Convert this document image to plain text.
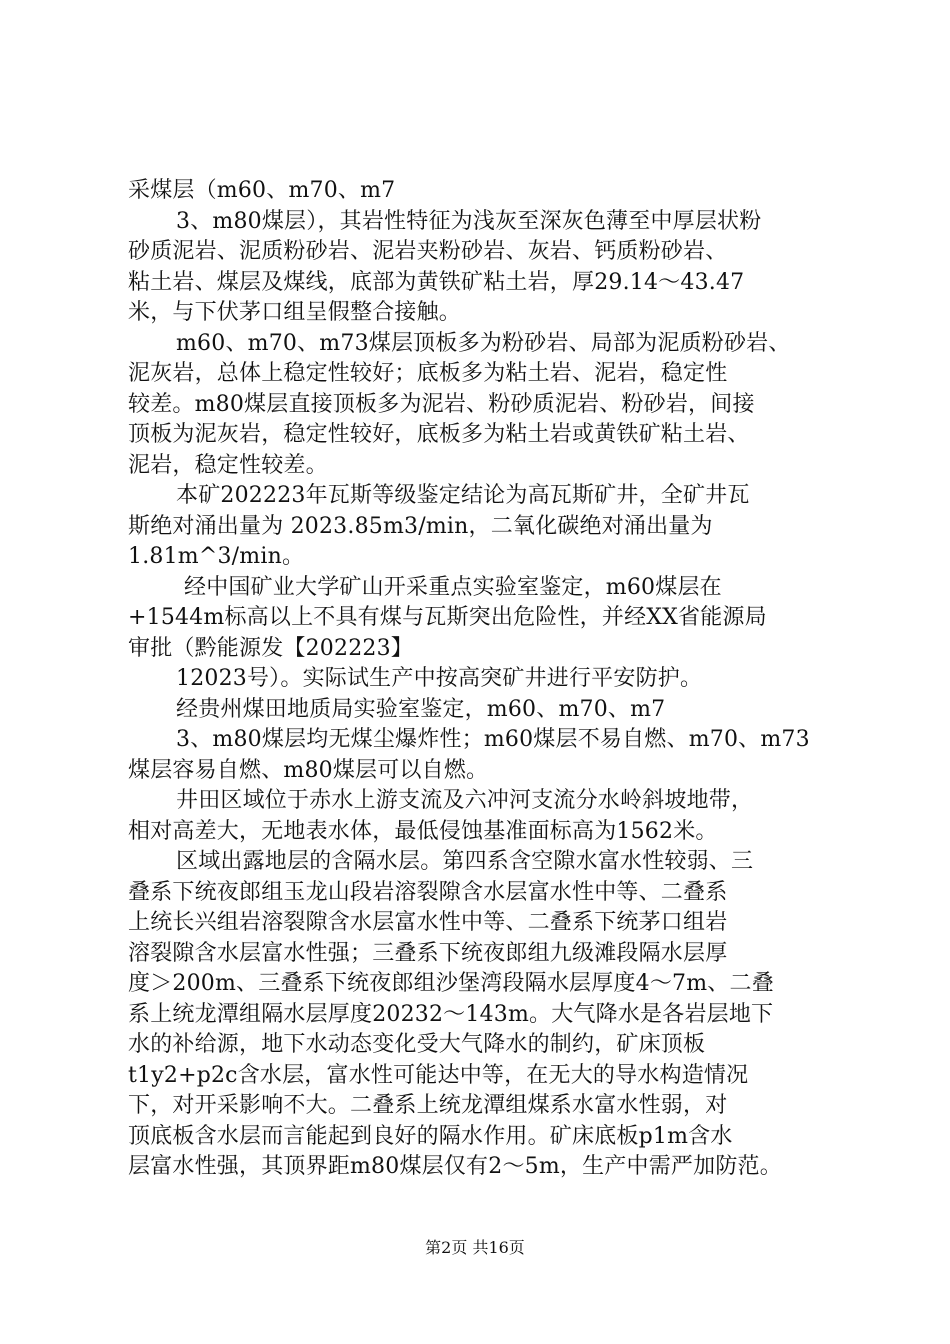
采煤层（m60、m70、m7
3、m80煤层），其岩性特征为浅灰至深灰色薄至中厚层状粉
砂质泥岩、泥质粉砂岩、泥岩夹粉砂岩、灰岩、钙质粉砂岩、
粘土岩、煤层及煤线，底部为黄铁矿粘土岩，厚29.14～43.47
米，与下伏茅口组呈假整合接触。
m60、m70、m73煤层顶板多为粉砂岩、局部为泥质粉砂岩、
泥灰岩，总体上稳定性较好；底板多为粘土岩、泥岩，稳定性
较差。m80煤层直接顶板多为泥岩、粉砂质泥岩、粉砂岩，间接
顶板为泥灰岩，稳定性较好，底板多为粘土岩或黄铁矿粘土岩、
泥岩，稳定性较差。
本矿202223年瓦斯等级鉴定结论为高瓦斯矿井，全矿井瓦
斯绝对涌出量为 2023.85m3/min，二氧化碳绝对涌出量为
1.81m^3/min。
经中国矿业大学矿山开采重点实验室鉴定，m60煤层在
+1544m标高以上不具有煤与瓦斯突出危险性，并经XX省能源局
审批（黔能源发【202223】
12023号）。实际试生产中按高突矿井进行平安防护。
经贵州煤田地质局实验室鉴定，m60、m70、m7
3、m80煤层均无煤尘爆炸性；m60煤层不易自燃、m70、m73
煤层容易自燃、m80煤层可以自燃。
井田区域位于赤水上游支流及六冲河支流分水岭斜坡地带，
相对高差大，无地表水体，最低侵蚀基准面标高为1562米。
区域出露地层的含隔水层。第四系含空隙水富水性较弱、三
叠系下统夜郎组玉龙山段岩溶裂隙含水层富水性中等、二叠系
上统长兴组岩溶裂隙含水层富水性中等、二叠系下统茅口组岩
溶裂隙含水层富水性强；三叠系下统夜郎组九级滩段隔水层厚
度＞200m、三叠系下统夜郎组沙堡湾段隔水层厚度4～7m、二叠
系上统龙潭组隔水层厚度20232～143m。大气降水是各岩层地下
水的补给源，地下水动态变化受大气降水的制约，矿床顶板
t1y2+p2c含水层，富水性可能达中等，在无大的导水构造情况
下，对开采影响不大。二叠系上统龙潭组煤系水富水性弱，对
顶底板含水层而言能起到良好的隔水作用。矿床底板p1m含水
层富水性强，其顶界距m80煤层仅有2～5m，生产中需严加防范。
第2页 共16页
